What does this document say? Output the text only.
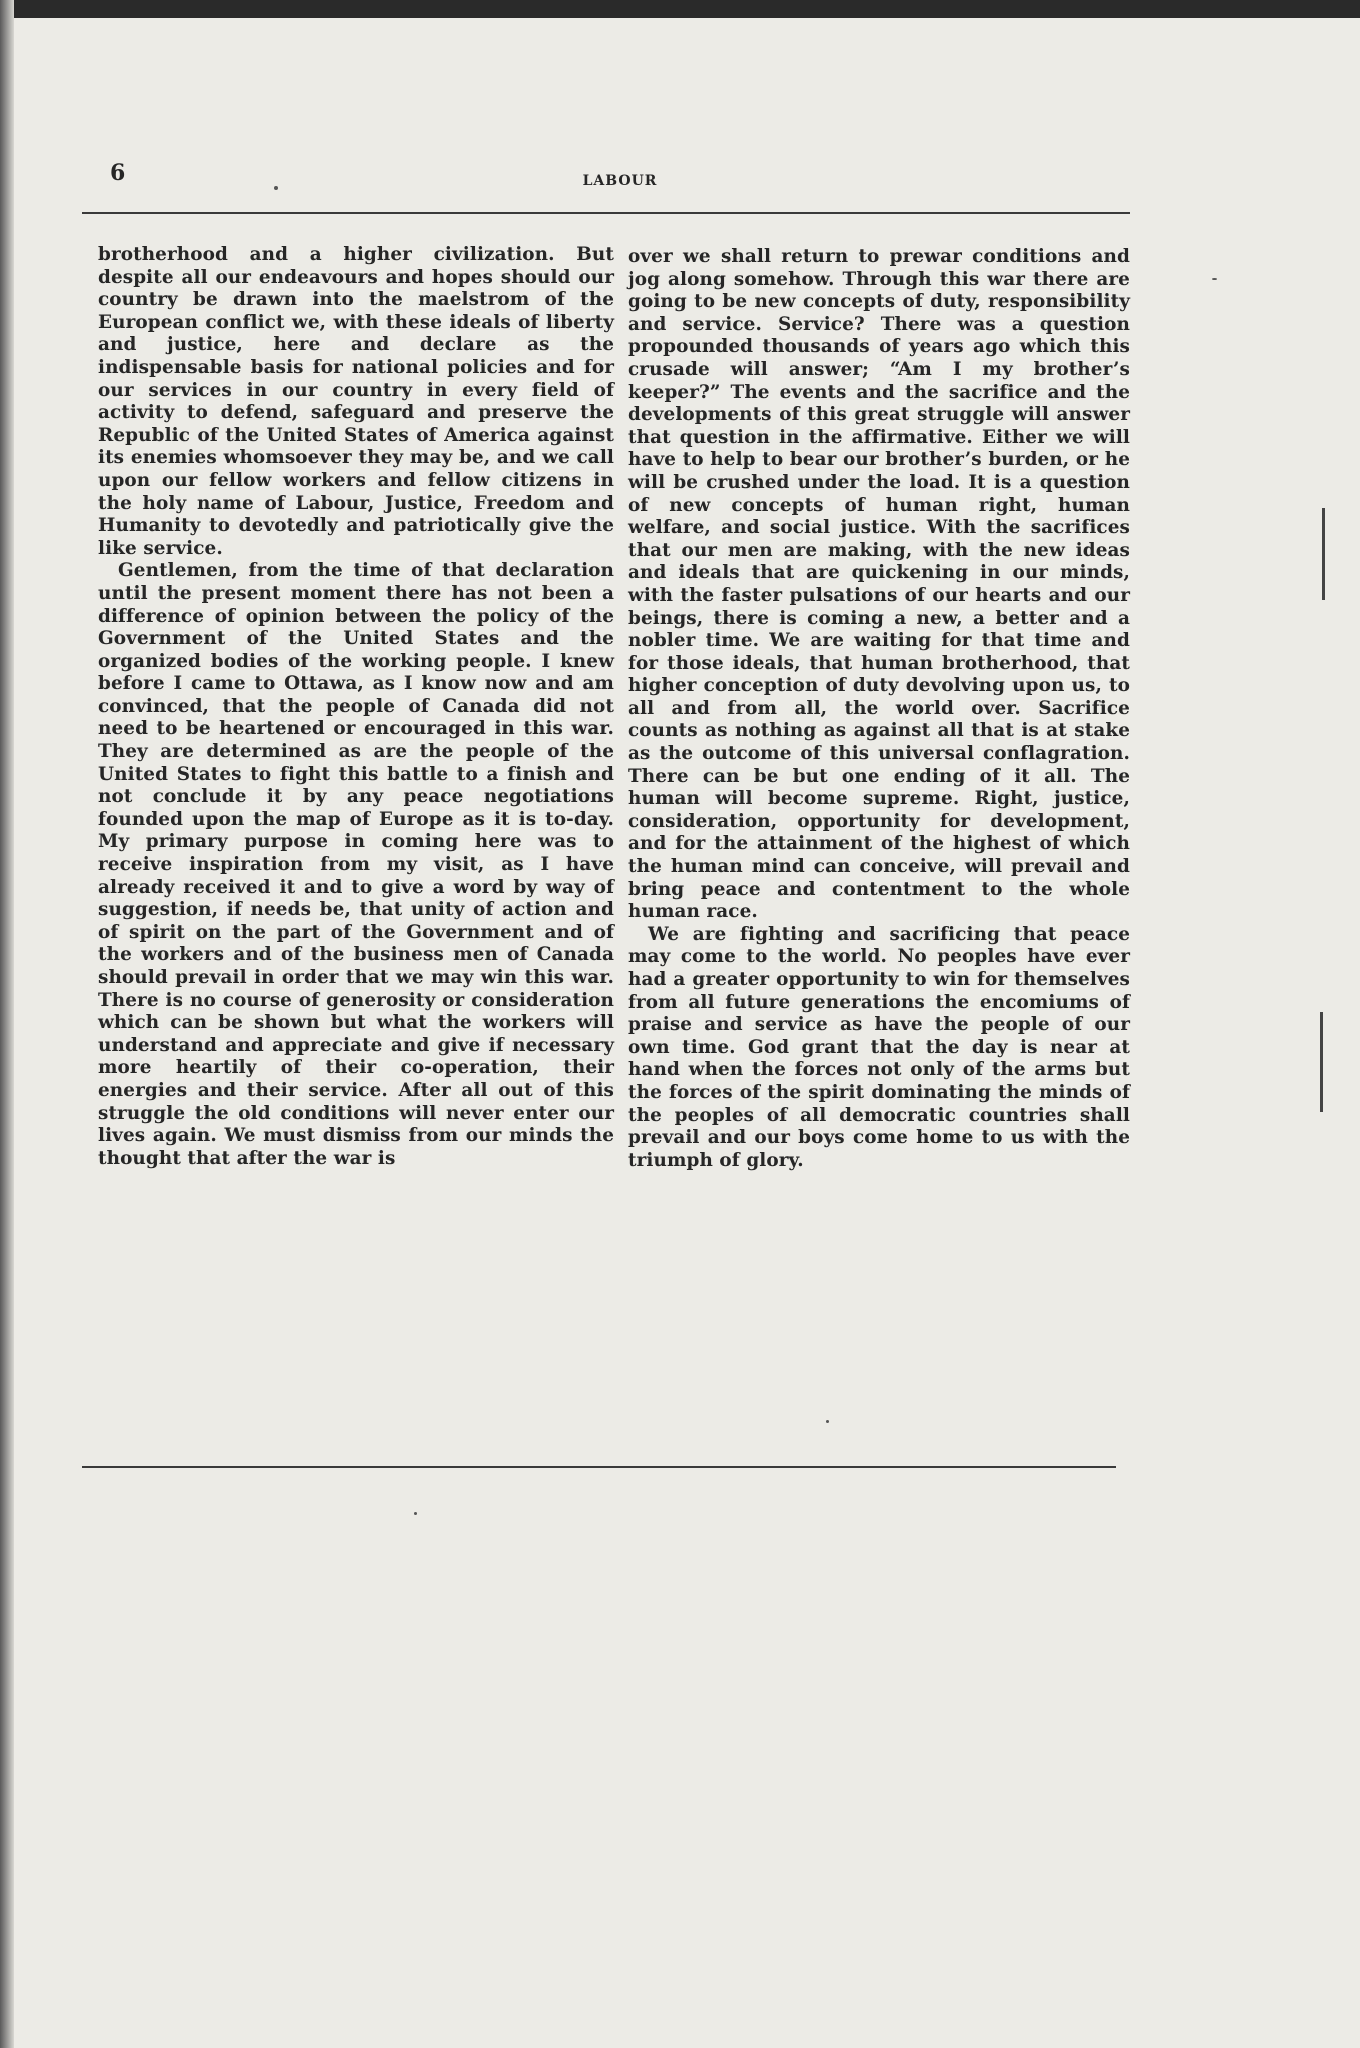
6	LABOUR

brotherhood and a higher civilization. But despite all our endeavours and hopes should our country be drawn into the maelstrom of the European conflict we, with these ideals of liberty and justice, here and declare as the indispensable basis for national policies and for our services in our country in every field of activity to defend, safeguard and preserve the Republic of the United States of America against its enemies whomsoever they may be, and we call upon our fellow workers and fellow citizens in the holy name of Labour, Justice, Freedom and Humanity to devotedly and patriotically give the like service.

Gentlemen, from the time of that declaration until the present moment there has not been a difference of opinion between the policy of the Government of the United States and the organized bodies of the working people. I knew before I came to Ottawa, as I know now and am convinced, that the people of Canada did not need to be heartened or encouraged in this war. They are determined as are the people of the United States to fight this battle to a finish and not conclude it by any peace negotiations founded upon the map of Europe as it is to-day. My primary purpose in coming here was to receive inspiration from my visit, as I have already received it and to give a word by way of suggestion, if needs be, that unity of action and of spirit on the part of the Government and of the workers and of the business men of Canada should prevail in order that we may win this war. There is no course of generosity or consideration which can be shown but what the workers will understand and appreciate and give if necessary more heartily of their co-operation, their energies and their service. After all out of this struggle the old conditions will never enter our lives again. We must dismiss from our minds the thought that after the war is

over we shall return to prewar conditions and jog along somehow. Through this war there are going to be new concepts of duty, responsibility and service. Service? There was a question propounded thousands of years ago which this crusade will answer; “Am I my brother’s keeper?” The events and the sacrifice and the developments of this great struggle will answer that question in the affirmative. Either we will have to help to bear our brother’s burden, or he will be crushed under the load. It is a question of new concepts of human right, human welfare, and social justice. With the sacrifices that our men are making, with the new ideas and ideals that are quickening in our minds, with the faster pulsations of our hearts and our beings, there is coming a new, a better and a nobler time. We are waiting for that time and for those ideals, that human brotherhood, that higher conception of duty devolving upon us, to all and from all, the world over. Sacrifice counts as nothing as against all that is at stake as the outcome of this universal conflagration. There can be but one ending of it all. The human will become supreme. Right, justice, consideration, opportunity for development, and for the attainment of the highest of which the human mind can conceive, will prevail and bring peace and contentment to the whole human race.

We are fighting and sacrificing that peace may come to the world. No peoples have ever had a greater opportunity to win for themselves from all future generations the encomiums of praise and service as have the people of our own time. God grant that the day is near at hand when the forces not only of the arms but the forces of the spirit dominating the minds of the peoples of all democratic countries shall prevail and our boys come home to us with the triumph of glory.
